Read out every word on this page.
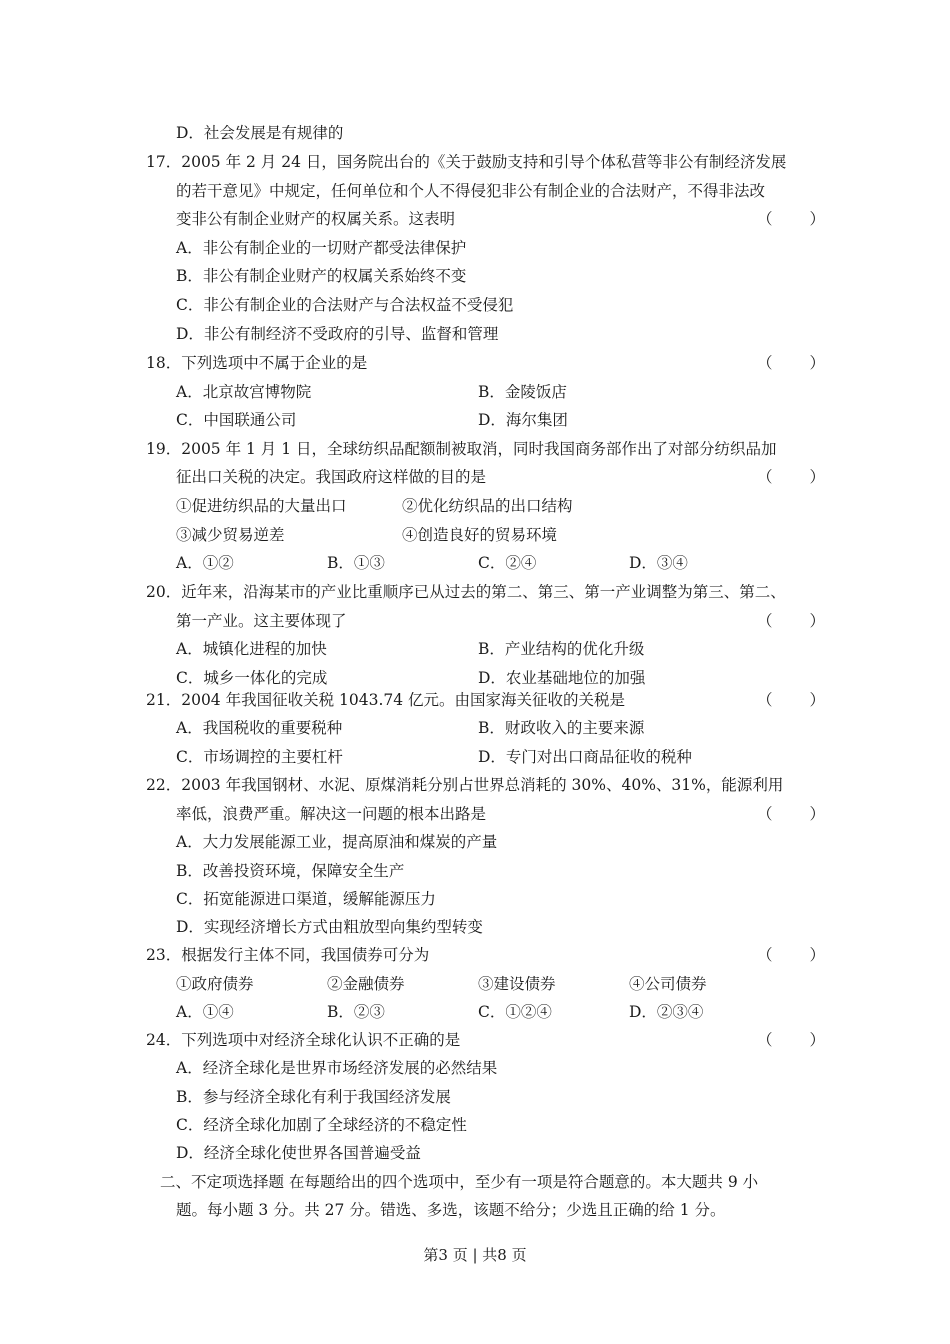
D．社会发展是有规律的
17．2005 年 2 月 24 日，国务院出台的《关于鼓励支持和引导个体私营等非公有制经济发展
的若干意见》中规定，任何单位和个人不得侵犯非公有制企业的合法财产，不得非法改
变非公有制企业财产的权属关系。这表明	（　　）
A．非公有制企业的一切财产都受法律保护
B．非公有制企业财产的权属关系始终不变
C．非公有制企业的合法财产与合法权益不受侵犯
D．非公有制经济不受政府的引导、监督和管理
18．下列选项中不属于企业的是	（　　）
A．北京故宫博物院	B．金陵饭店
C．中国联通公司	D．海尔集团
19．2005 年 1 月 1 日，全球纺织品配额制被取消，同时我国商务部作出了对部分纺织品加
征出口关税的决定。我国政府这样做的目的是	（　　）
①促进纺织品的大量出口	②优化纺织品的出口结构
③减少贸易逆差	④创造良好的贸易环境
A．①②	B．①③	C．②④	D．③④
20．近年来，沿海某市的产业比重顺序已从过去的第二、第三、第一产业调整为第三、第二、
第一产业。这主要体现了	（　　）
A．城镇化进程的加快	B．产业结构的优化升级
C．城乡一体化的完成	D．农业基础地位的加强
21．2004 年我国征收关税 1043.74 亿元。由国家海关征收的关税是	（　　）
A．我国税收的重要税种	B．财政收入的主要来源
C．市场调控的主要杠杆	D．专门对出口商品征收的税种
22．2003 年我国钢材、水泥、原煤消耗分别占世界总消耗的 30%、40%、31%，能源利用
率低，浪费严重。解决这一问题的根本出路是	（　　）
A．大力发展能源工业，提高原油和煤炭的产量
B．改善投资环境，保障安全生产
C．拓宽能源进口渠道，缓解能源压力
D．实现经济增长方式由粗放型向集约型转变
23．根据发行主体不同，我国债券可分为	（　　）
①政府债券	②金融债券	③建设债券	④公司债券
A．①④	B．②③	C．①②④	D．②③④
24．下列选项中对经济全球化认识不正确的是	（　　）
A．经济全球化是世界市场经济发展的必然结果
B．参与经济全球化有利于我国经济发展
C．经济全球化加剧了全球经济的不稳定性
D．经济全球化使世界各国普遍受益
二、不定项选择题 在每题给出的四个选项中，至少有一项是符合题意的。本大题共 9 小
题。每小题 3 分。共 27 分。错选、多选，该题不给分；少选且正确的给 1 分。
第3 页 | 共8 页
